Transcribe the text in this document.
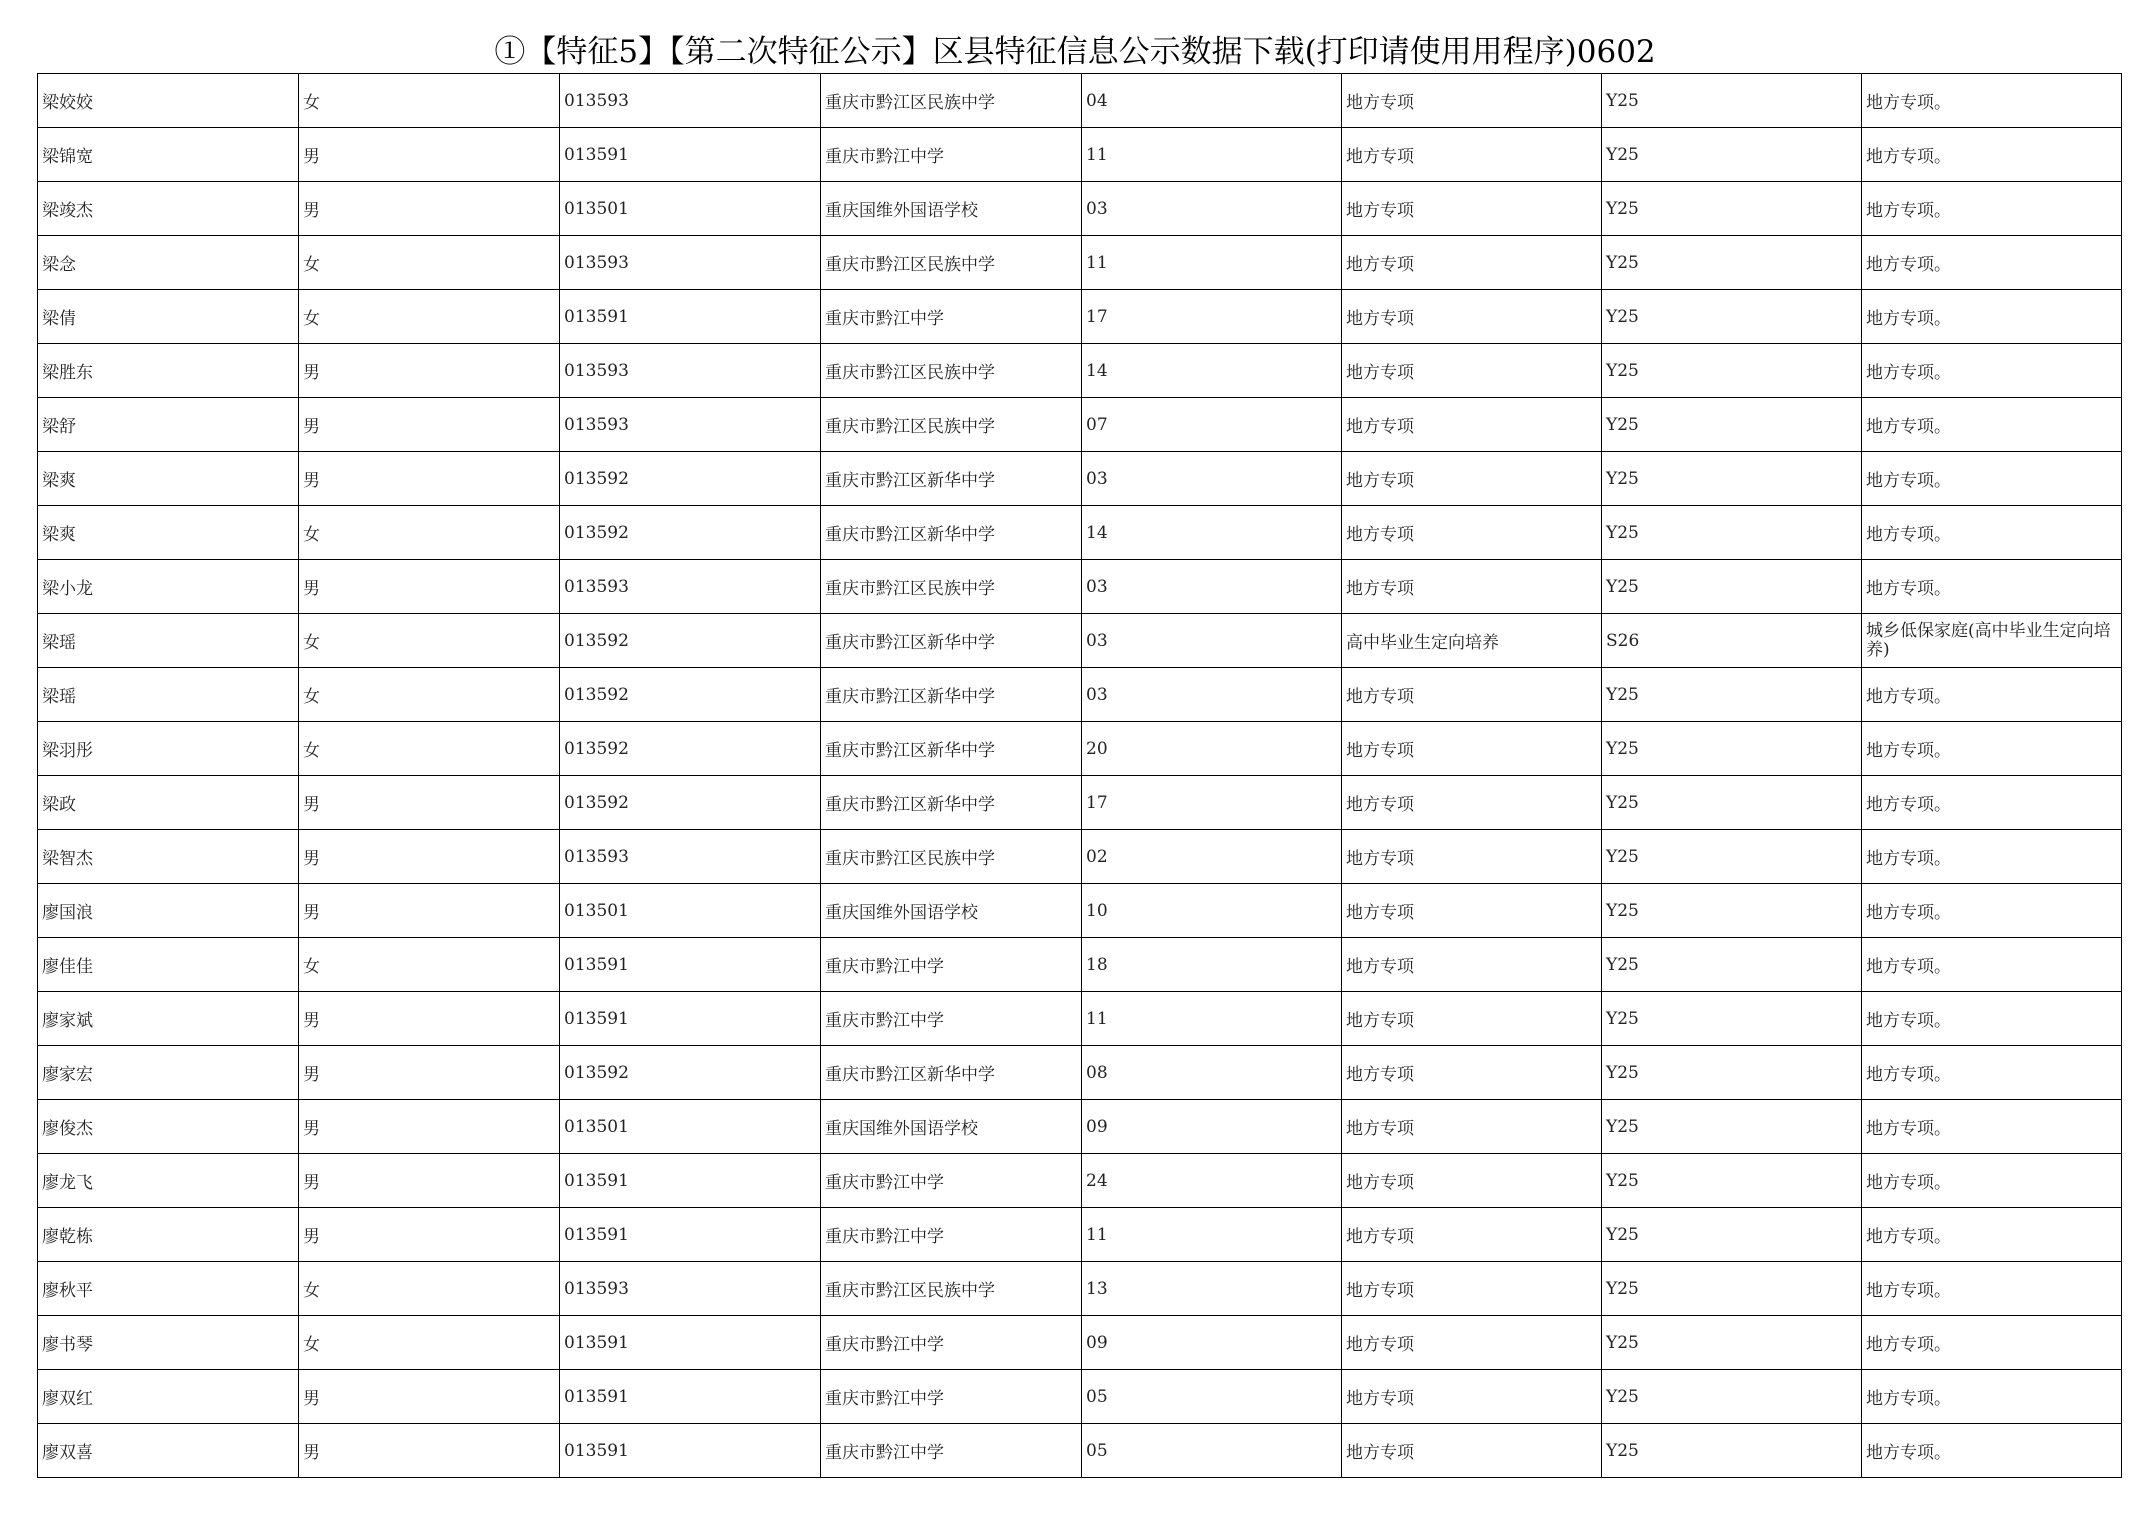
①【特征5】【第二次特征公示】区县特征信息公示数据下载(打印请使用用程序)0602
梁姣姣	女	013593	重庆市黔江区民族中学	04	地方专项	Y25	地方专项。
梁锦宽	男	013591	重庆市黔江中学	11	地方专项	Y25	地方专项。
梁竣杰	男	013501	重庆国维外国语学校	03	地方专项	Y25	地方专项。
梁念	女	013593	重庆市黔江区民族中学	11	地方专项	Y25	地方专项。
梁倩	女	013591	重庆市黔江中学	17	地方专项	Y25	地方专项。
梁胜东	男	013593	重庆市黔江区民族中学	14	地方专项	Y25	地方专项。
梁舒	男	013593	重庆市黔江区民族中学	07	地方专项	Y25	地方专项。
梁爽	男	013592	重庆市黔江区新华中学	03	地方专项	Y25	地方专项。
梁爽	女	013592	重庆市黔江区新华中学	14	地方专项	Y25	地方专项。
梁小龙	男	013593	重庆市黔江区民族中学	03	地方专项	Y25	地方专项。
梁瑶	女	013592	重庆市黔江区新华中学	03	高中毕业生定向培养	S26	城乡低保家庭(高中毕业生定向培养)
梁瑶	女	013592	重庆市黔江区新华中学	03	地方专项	Y25	地方专项。
梁羽彤	女	013592	重庆市黔江区新华中学	20	地方专项	Y25	地方专项。
梁政	男	013592	重庆市黔江区新华中学	17	地方专项	Y25	地方专项。
梁智杰	男	013593	重庆市黔江区民族中学	02	地方专项	Y25	地方专项。
廖国浪	男	013501	重庆国维外国语学校	10	地方专项	Y25	地方专项。
廖佳佳	女	013591	重庆市黔江中学	18	地方专项	Y25	地方专项。
廖家斌	男	013591	重庆市黔江中学	11	地方专项	Y25	地方专项。
廖家宏	男	013592	重庆市黔江区新华中学	08	地方专项	Y25	地方专项。
廖俊杰	男	013501	重庆国维外国语学校	09	地方专项	Y25	地方专项。
廖龙飞	男	013591	重庆市黔江中学	24	地方专项	Y25	地方专项。
廖乾栋	男	013591	重庆市黔江中学	11	地方专项	Y25	地方专项。
廖秋平	女	013593	重庆市黔江区民族中学	13	地方专项	Y25	地方专项。
廖书琴	女	013591	重庆市黔江中学	09	地方专项	Y25	地方专项。
廖双红	男	013591	重庆市黔江中学	05	地方专项	Y25	地方专项。
廖双喜	男	013591	重庆市黔江中学	05	地方专项	Y25	地方专项。
